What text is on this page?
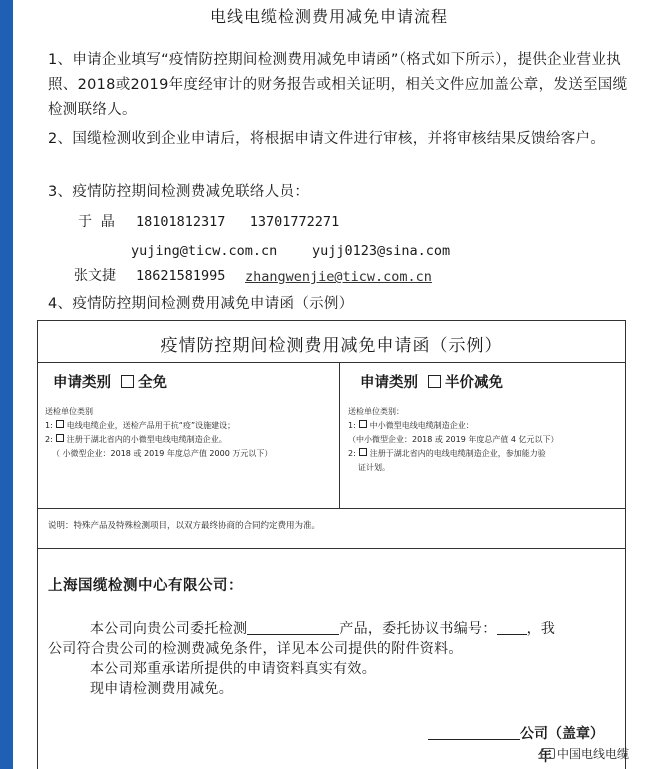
电线电缆检测费用减免申请流程
1、申请企业填写“疫情防控期间检测费用减免申请函”（格式如下所示），提供企业营业执照、2018或2019年度经审计的财务报告或相关证明，相关文件应加盖公章，发送至国缆检测联络人。
2、国缆检测收到企业申请后，将根据申请文件进行审核，并将审核结果反馈给客户。
3、疫情防控期间检测费减免联络人员：
于  晶 18101812317   13701772271
yujing@ticw.com.cn	yujj0123@sina.com
张文捷 18621581995 zhangwenjie@ticw.com.cn
4、疫情防控期间检测费用减免申请函（示例）
疫情防控期间检测费用减免申请函（示例）
申请类别 全免
送检单位类别
1: 电线电缆企业，送检产品用于抗“疫”设施建设；
2: 注册于湖北省内的小微型电线电缆制造企业。
（ 小微型企业：2018 或 2019 年度总产值 2000 万元以下）
申请类别 半价减免
送检单位类别：
1: 中小微型电线电缆制造企业：
（中小微型企业：2018 或 2019 年度总产值 4 亿元以下）
2: 注册于湖北省内的电线电缆制造企业，参加能力验
证计划。
说明：特殊产品及特殊检测项目，以双方最终协商的合同约定费用为准。
上海国缆检测中心有限公司：
本公司向贵公司委托检测	产品，委托协议书编号： ，我
公司符合贵公司的检测费减免条件，详见本公司提供的附件资料。
本公司郑重承诺所提供的申请资料真实有效。
现申请检测费用减免。
公司（盖章）
年 中国电线电缆
